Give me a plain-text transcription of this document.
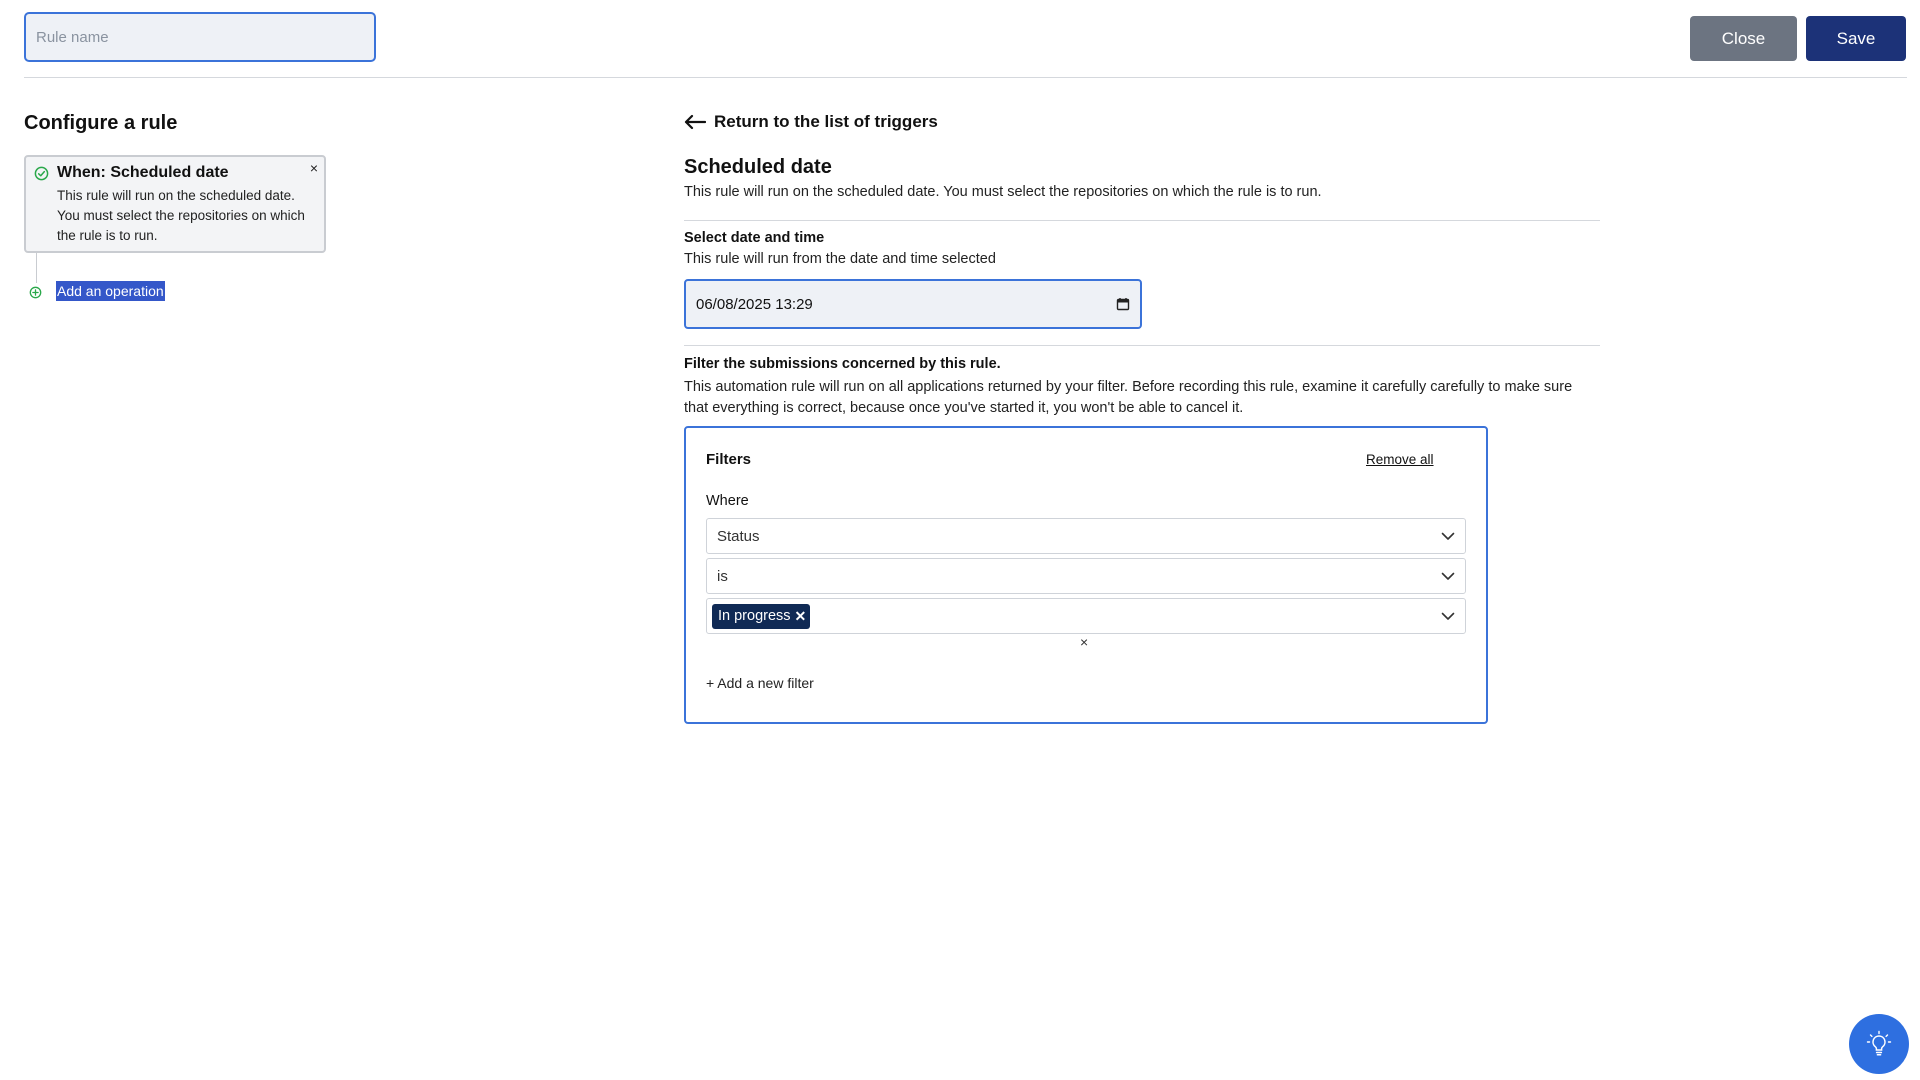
Rule name
Close	Save
Configure a rule
When: Scheduled date
This rule will run on the scheduled date. You must select the repositories on which the rule is to run.
×
Add an operation
Return to the list of triggers
Scheduled date
This rule will run on the scheduled date. You must select the repositories on which the rule is to run.
Select date and time
This rule will run from the date and time selected
06/08/2025 13:29
Filter the submissions concerned by this rule.
This automation rule will run on all applications returned by your filter. Before recording this rule, examine it carefully carefully to make sure that everything is correct, because once you've started it, you won't be able to cancel it.
Filters	Remove all
Where
Status
is
In progress ✕
×
+ Add a new filter
